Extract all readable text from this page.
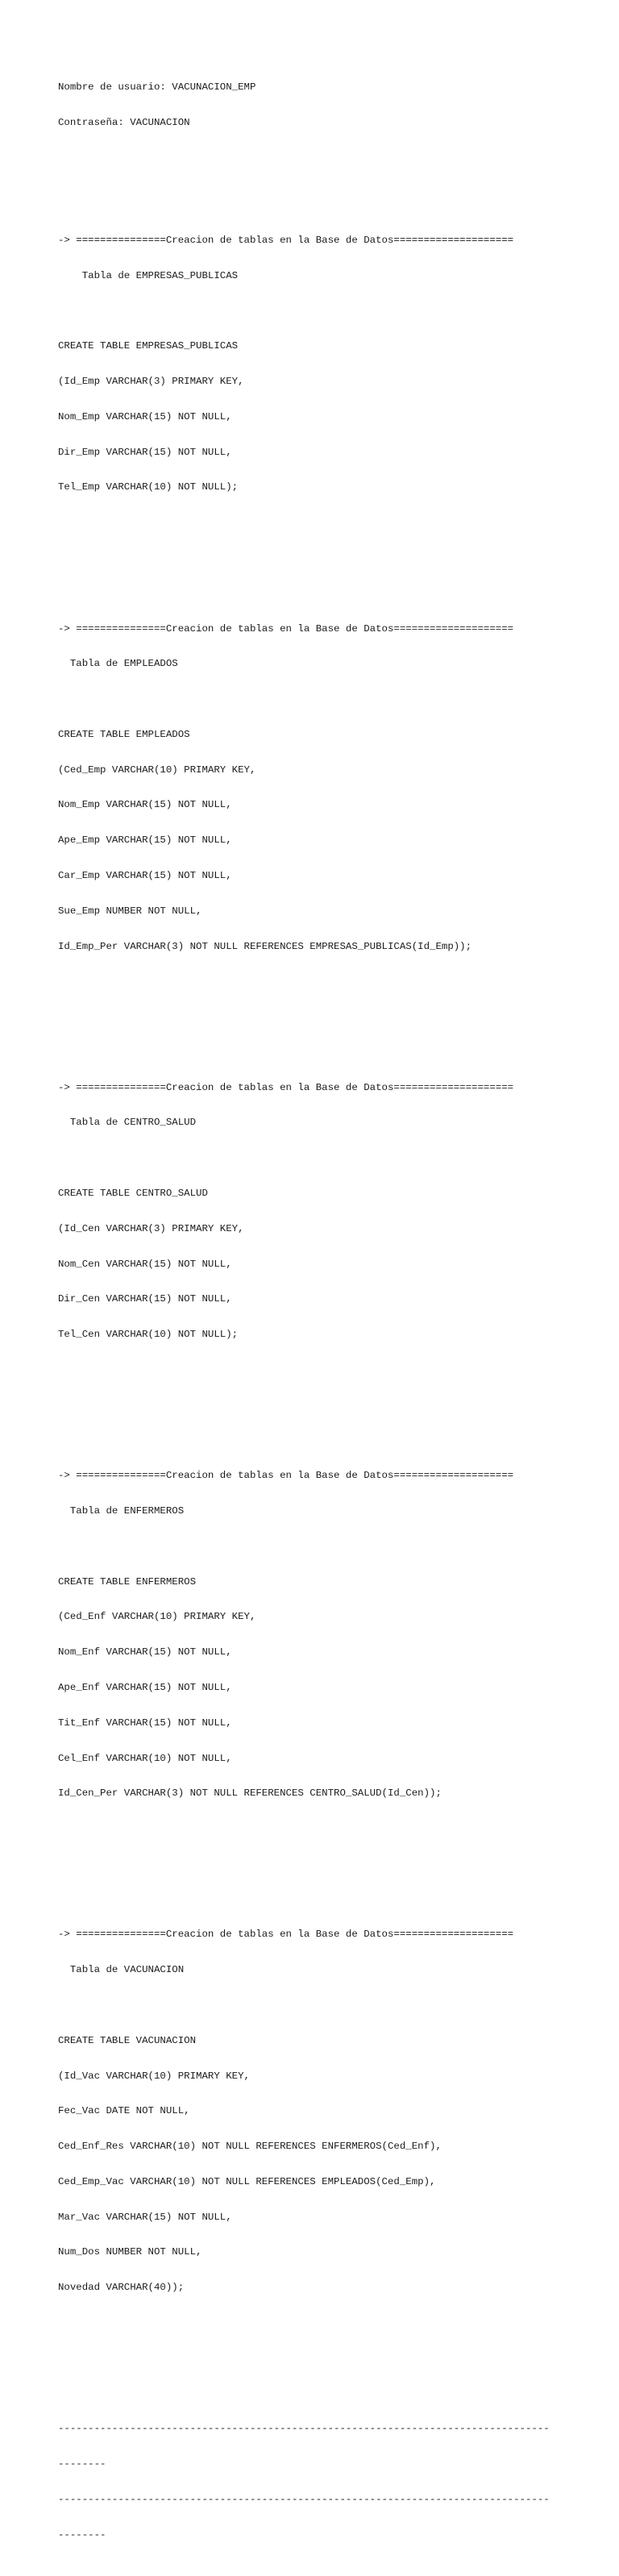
Nombre de usuario: VACUNACION_EMP

Contraseña: VACUNACION

-> ===============Creacion de tablas en la Base de Datos====================

Tabla de EMPRESAS_PUBLICAS

CREATE TABLE EMPRESAS_PUBLICAS

(Id_Emp VARCHAR(3) PRIMARY KEY,

Nom_Emp VARCHAR(15) NOT NULL,

Dir_Emp VARCHAR(15) NOT NULL,

Tel_Emp VARCHAR(10) NOT NULL);

-> ===============Creacion de tablas en la Base de Datos====================

Tabla de EMPLEADOS

CREATE TABLE EMPLEADOS

(Ced_Emp VARCHAR(10) PRIMARY KEY,

Nom_Emp VARCHAR(15) NOT NULL,

Ape_Emp VARCHAR(15) NOT NULL,

Car_Emp VARCHAR(15) NOT NULL,

Sue_Emp NUMBER NOT NULL,

Id_Emp_Per VARCHAR(3) NOT NULL REFERENCES EMPRESAS_PUBLICAS(Id_Emp));

-> ===============Creacion de tablas en la Base de Datos====================

Tabla de CENTRO_SALUD

CREATE TABLE CENTRO_SALUD

(Id_Cen VARCHAR(3) PRIMARY KEY,

Nom_Cen VARCHAR(15) NOT NULL,

Dir_Cen VARCHAR(15) NOT NULL,

Tel_Cen VARCHAR(10) NOT NULL);

-> ===============Creacion de tablas en la Base de Datos====================

Tabla de ENFERMEROS

CREATE TABLE ENFERMEROS

(Ced_Enf VARCHAR(10) PRIMARY KEY,

Nom_Enf VARCHAR(15) NOT NULL,

Ape_Enf VARCHAR(15) NOT NULL,

Tit_Enf VARCHAR(15) NOT NULL,

Cel_Enf VARCHAR(10) NOT NULL,

Id_Cen_Per VARCHAR(3) NOT NULL REFERENCES CENTRO_SALUD(Id_Cen));

-> ===============Creacion de tablas en la Base de Datos====================

Tabla de VACUNACION

CREATE TABLE VACUNACION

(Id_Vac VARCHAR(10) PRIMARY KEY,

Fec_Vac DATE NOT NULL,

Ced_Enf_Res VARCHAR(10) NOT NULL REFERENCES ENFERMEROS(Ced_Enf),

Ced_Emp_Vac VARCHAR(10) NOT NULL REFERENCES EMPLEADOS(Ced_Emp),

Mar_Vac VARCHAR(15) NOT NULL,

Num_Dos NUMBER NOT NULL,

Novedad VARCHAR(40));

----------------------------------------------------------------------------------

--------

----------------------------------------------------------------------------------

--------
